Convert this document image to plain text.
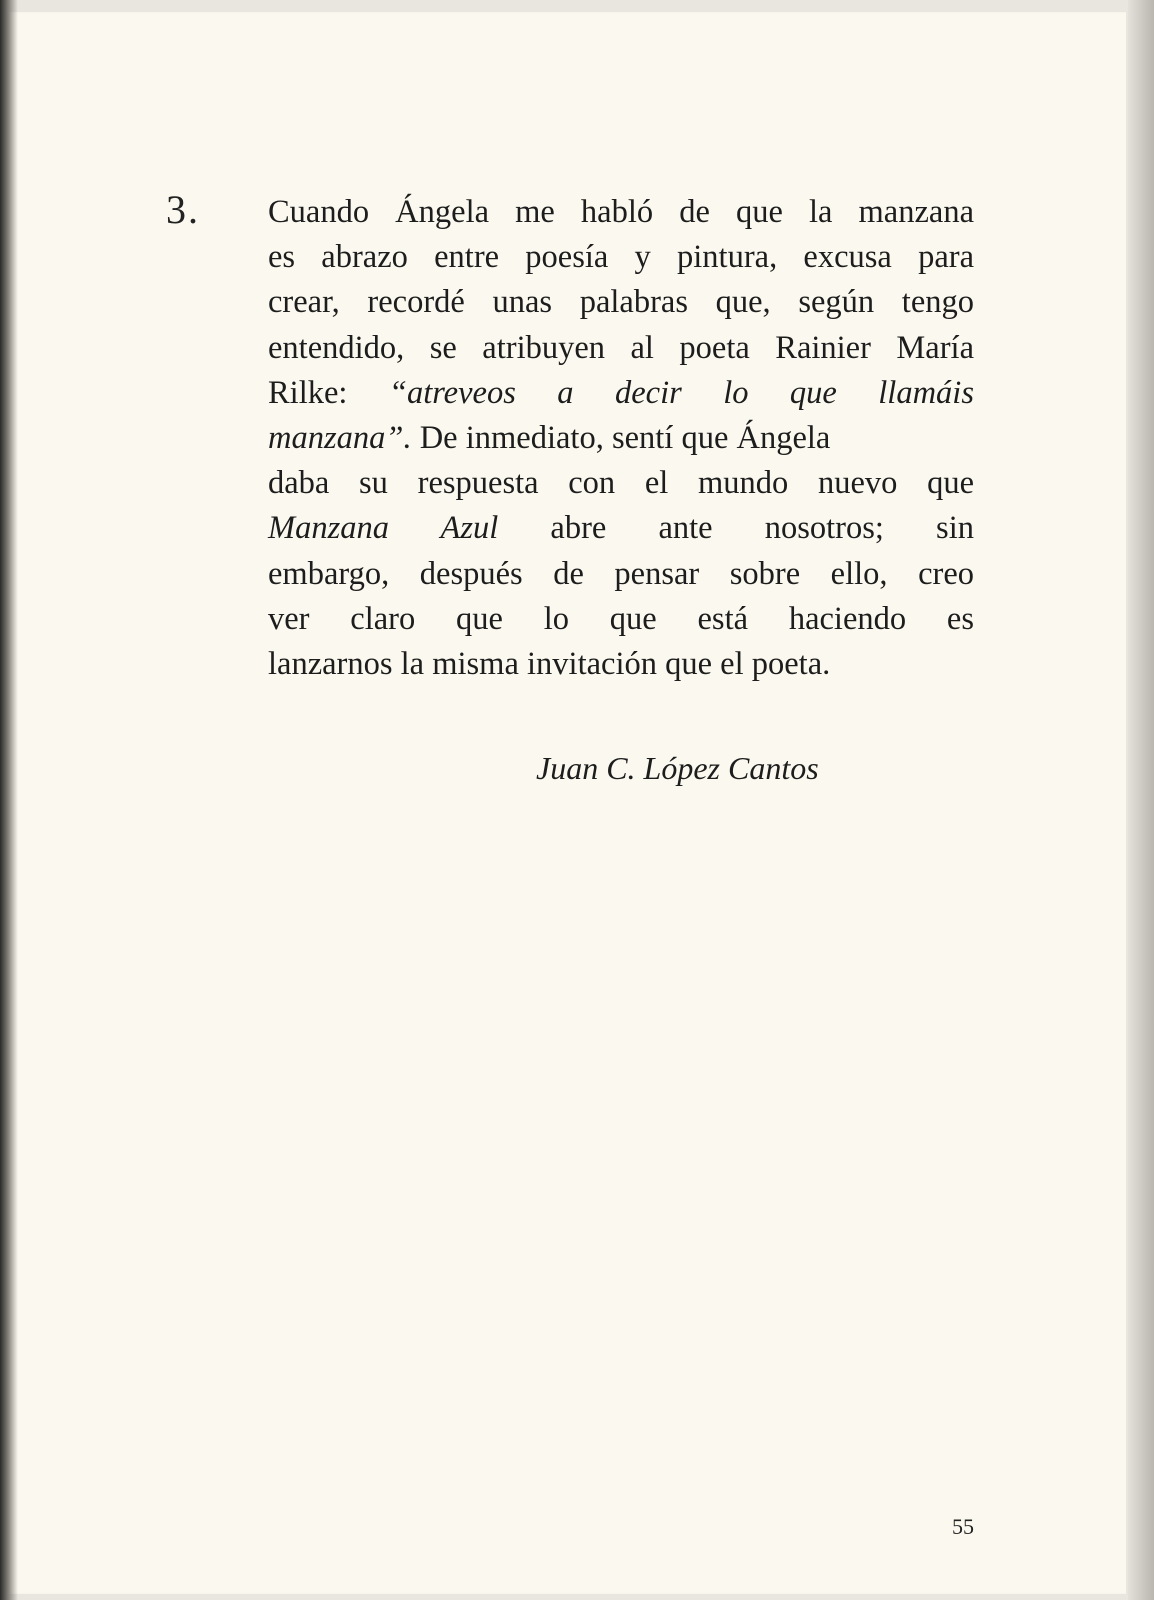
3. Cuando Ángela me habló de que la manzana
es abrazo entre poesía y pintura, excusa para
crear, recordé unas palabras que, según tengo
entendido, se atribuyen al poeta Rainier María
Rilke: “atreveos a decir lo que llamáis
manzana”. De inmediato, sentí que Ángela
daba su respuesta con el mundo nuevo que
Manzana Azul abre ante nosotros; sin
embargo, después de pensar sobre ello, creo
ver claro que lo que está haciendo es
lanzarnos la misma invitación que el poeta.
Juan C. López Cantos
55
